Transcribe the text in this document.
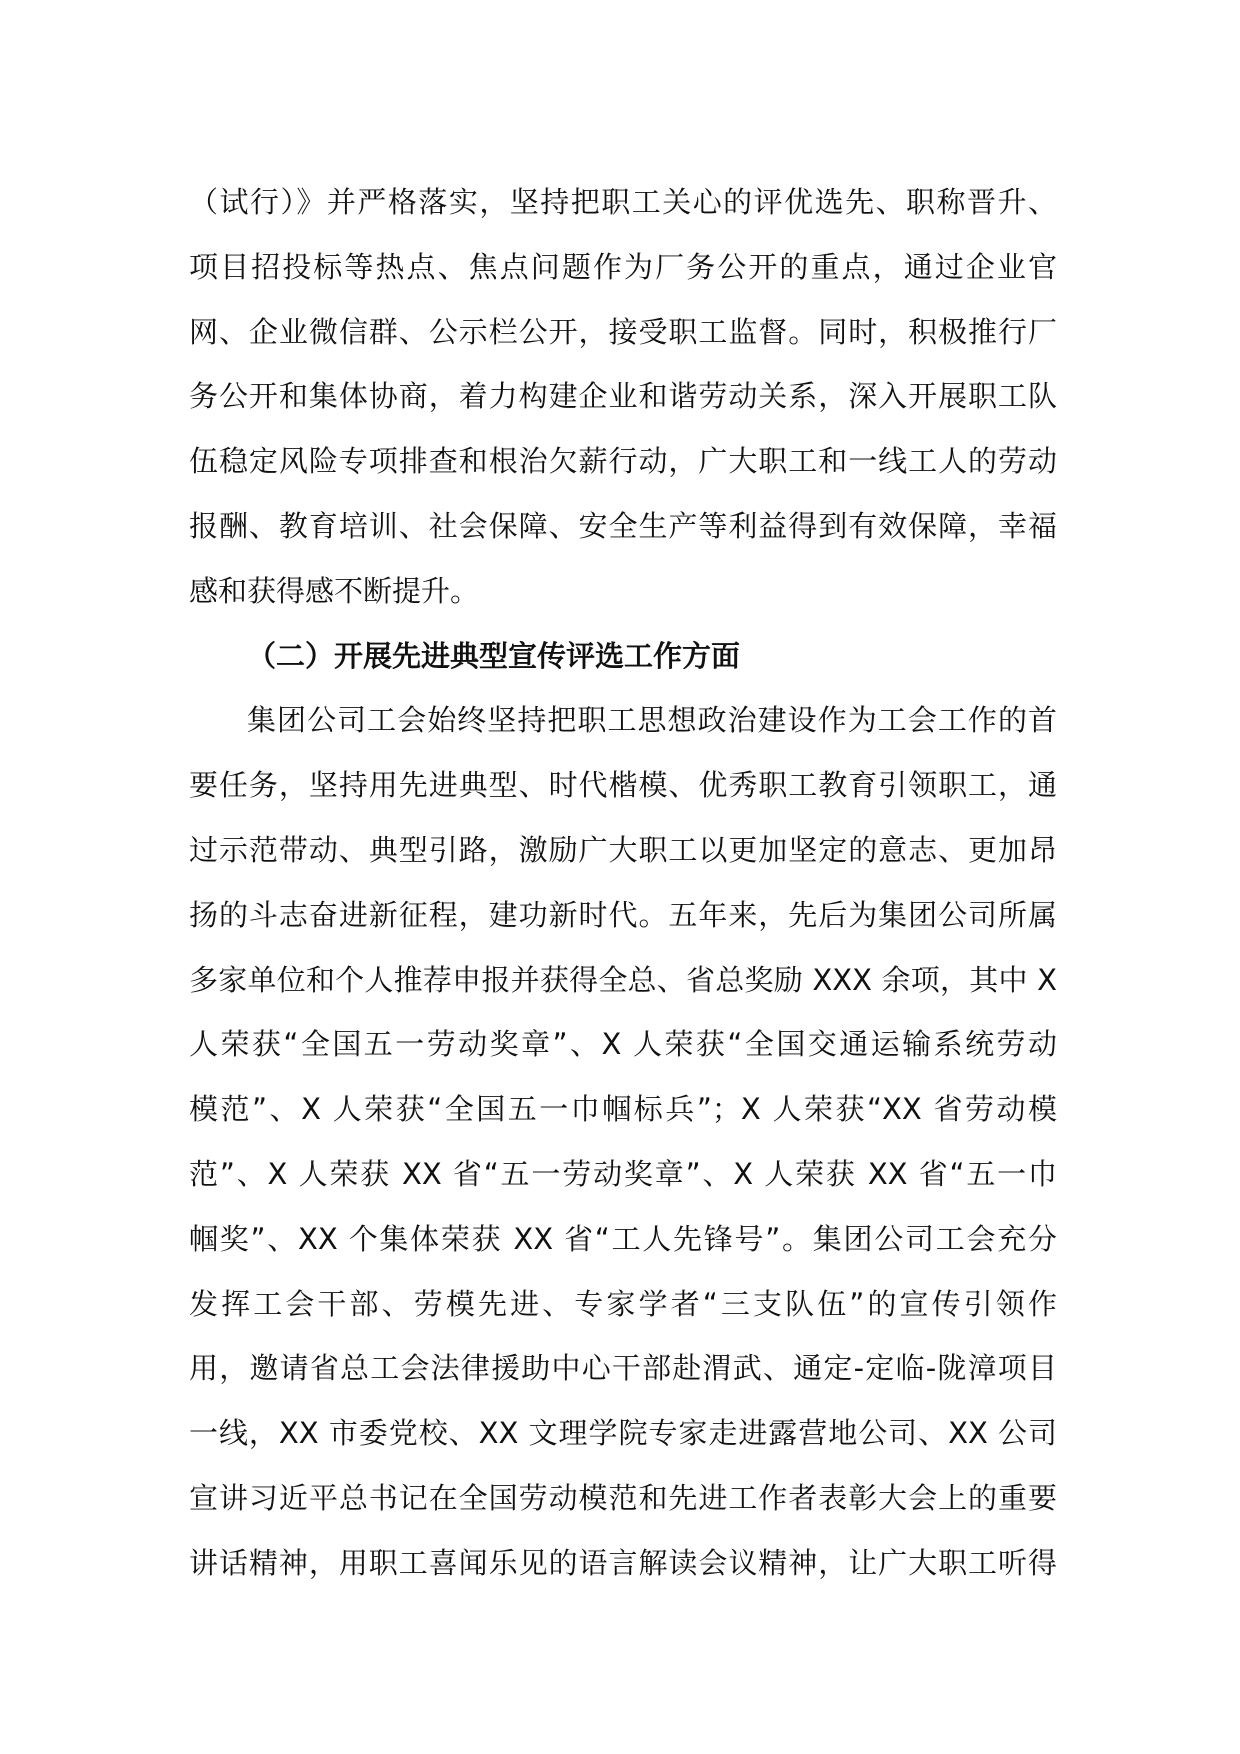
（试行）》并严格落实，坚持把职工关心的评优选先、职称晋升、
项目招投标等热点、焦点问题作为厂务公开的重点，通过企业官
网、企业微信群、公示栏公开，接受职工监督。同时，积极推行厂
务公开和集体协商，着力构建企业和谐劳动关系，深入开展职工队
伍稳定风险专项排查和根治欠薪行动，广大职工和一线工人的劳动
报酬、教育培训、社会保障、安全生产等利益得到有效保障，幸福
感和获得感不断提升。
（二）开展先进典型宣传评选工作方面
集团公司工会始终坚持把职工思想政治建设作为工会工作的首
要任务，坚持用先进典型、时代楷模、优秀职工教育引领职工，通
过示范带动、典型引路，激励广大职工以更加坚定的意志、更加昂
扬的斗志奋进新征程，建功新时代。五年来，先后为集团公司所属
多家单位和个人推荐申报并获得全总、省总奖励 XXX 余项，其中 X
人荣获“全国五一劳动奖章”、X 人荣获“全国交通运输系统劳动
模范”、X 人荣获“全国五一巾帼标兵”；X 人荣获“XX 省劳动模
范”、X 人荣获 XX 省“五一劳动奖章”、X 人荣获 XX 省“五一巾
帼奖”、XX 个集体荣获 XX 省“工人先锋号”。集团公司工会充分
发挥工会干部、劳模先进、专家学者“三支队伍”的宣传引领作
用，邀请省总工会法律援助中心干部赴渭武、通定-定临-陇漳项目
一线，XX 市委党校、XX 文理学院专家走进露营地公司、XX 公司
宣讲习近平总书记在全国劳动模范和先进工作者表彰大会上的重要
讲话精神，用职工喜闻乐见的语言解读会议精神，让广大职工听得
